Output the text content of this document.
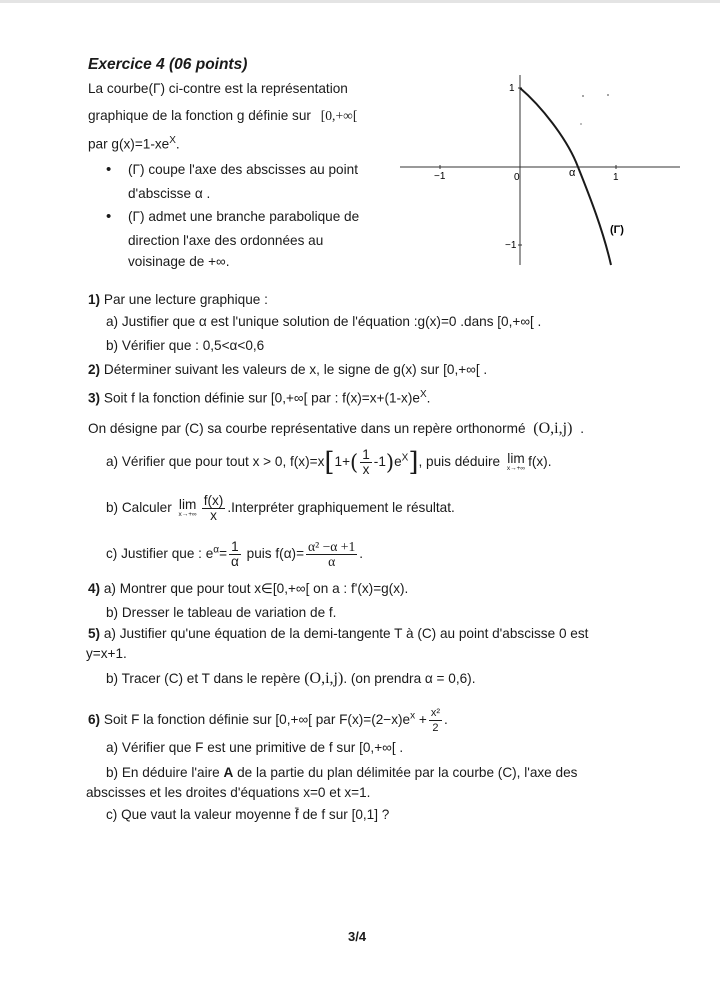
Exercice 4 (06 points)
La courbe(Γ) ci-contre est la représentation
graphique de la fonction g définie sur [0,+∞[
par $g(x)=1-xe^X$.
• (Γ) coupe l'axe des abscisses au point
d'abscisse α .
• (Γ) admet une branche parabolique de
direction l'axe des ordonnées au
voisinage de +∞.
−1	0	α	1
1
−1
(Γ)
1) Par une lecture graphique :
a) Justifier que α est l'unique solution de l'équation :g(x)=0 .dans [0,+∞[ .
b) Vérifier que : 0,5<α<0,6
2) Déterminer suivant les valeurs de x, le signe de g(x) sur [0,+∞[ .
3) Soit f la fonction définie sur [0,+∞[ par : $f(x)=x+(1-x)e^X$.
On désigne par (C) sa courbe représentative dans un repère orthonormé (O,i,j) .
a) Vérifier que pour tout x > 0, $f(x)=x[1+( \frac{1}{x} -1)e^X]$, puis déduire lim
x→+∞ f(x).
b) Calculer lim
$x\to+\infty \frac{f(x)}{x}$ .Interpréter graphiquement le résultat.
c) Justifier que : $e^\alpha= \frac{1}{\alpha}$ puis $f(\alpha)= \frac{\text{α² −α +1}}{\alpha}$ .
4) a) Montrer que pour tout x∈[0,+∞[ on a : f'(x)=g(x).
b) Dresser le tableau de variation de f.
5) a) Justifier qu'une équation de la demi-tangente T à (C) au point d'abscisse 0 est
y=x+1.
b) Tracer (C) et T dans le repère (O,i,j). (on prendra α = 0,6).
6) Soit F la fonction définie sur [0,+∞[ par $F(x)=(2-x)e^x + \frac{\text{x²}}{2}$ .
a) Vérifier que F est une primitive de f sur [0,+∞[ .
b) En déduire l'aire A de la partie du plan délimitée par la courbe (C), l'axe des
abscisses et les droites d'équations x=0 et x=1.
c) Que vaut la valeur moyenne f̄ de f sur [0,1] ?
3/4
